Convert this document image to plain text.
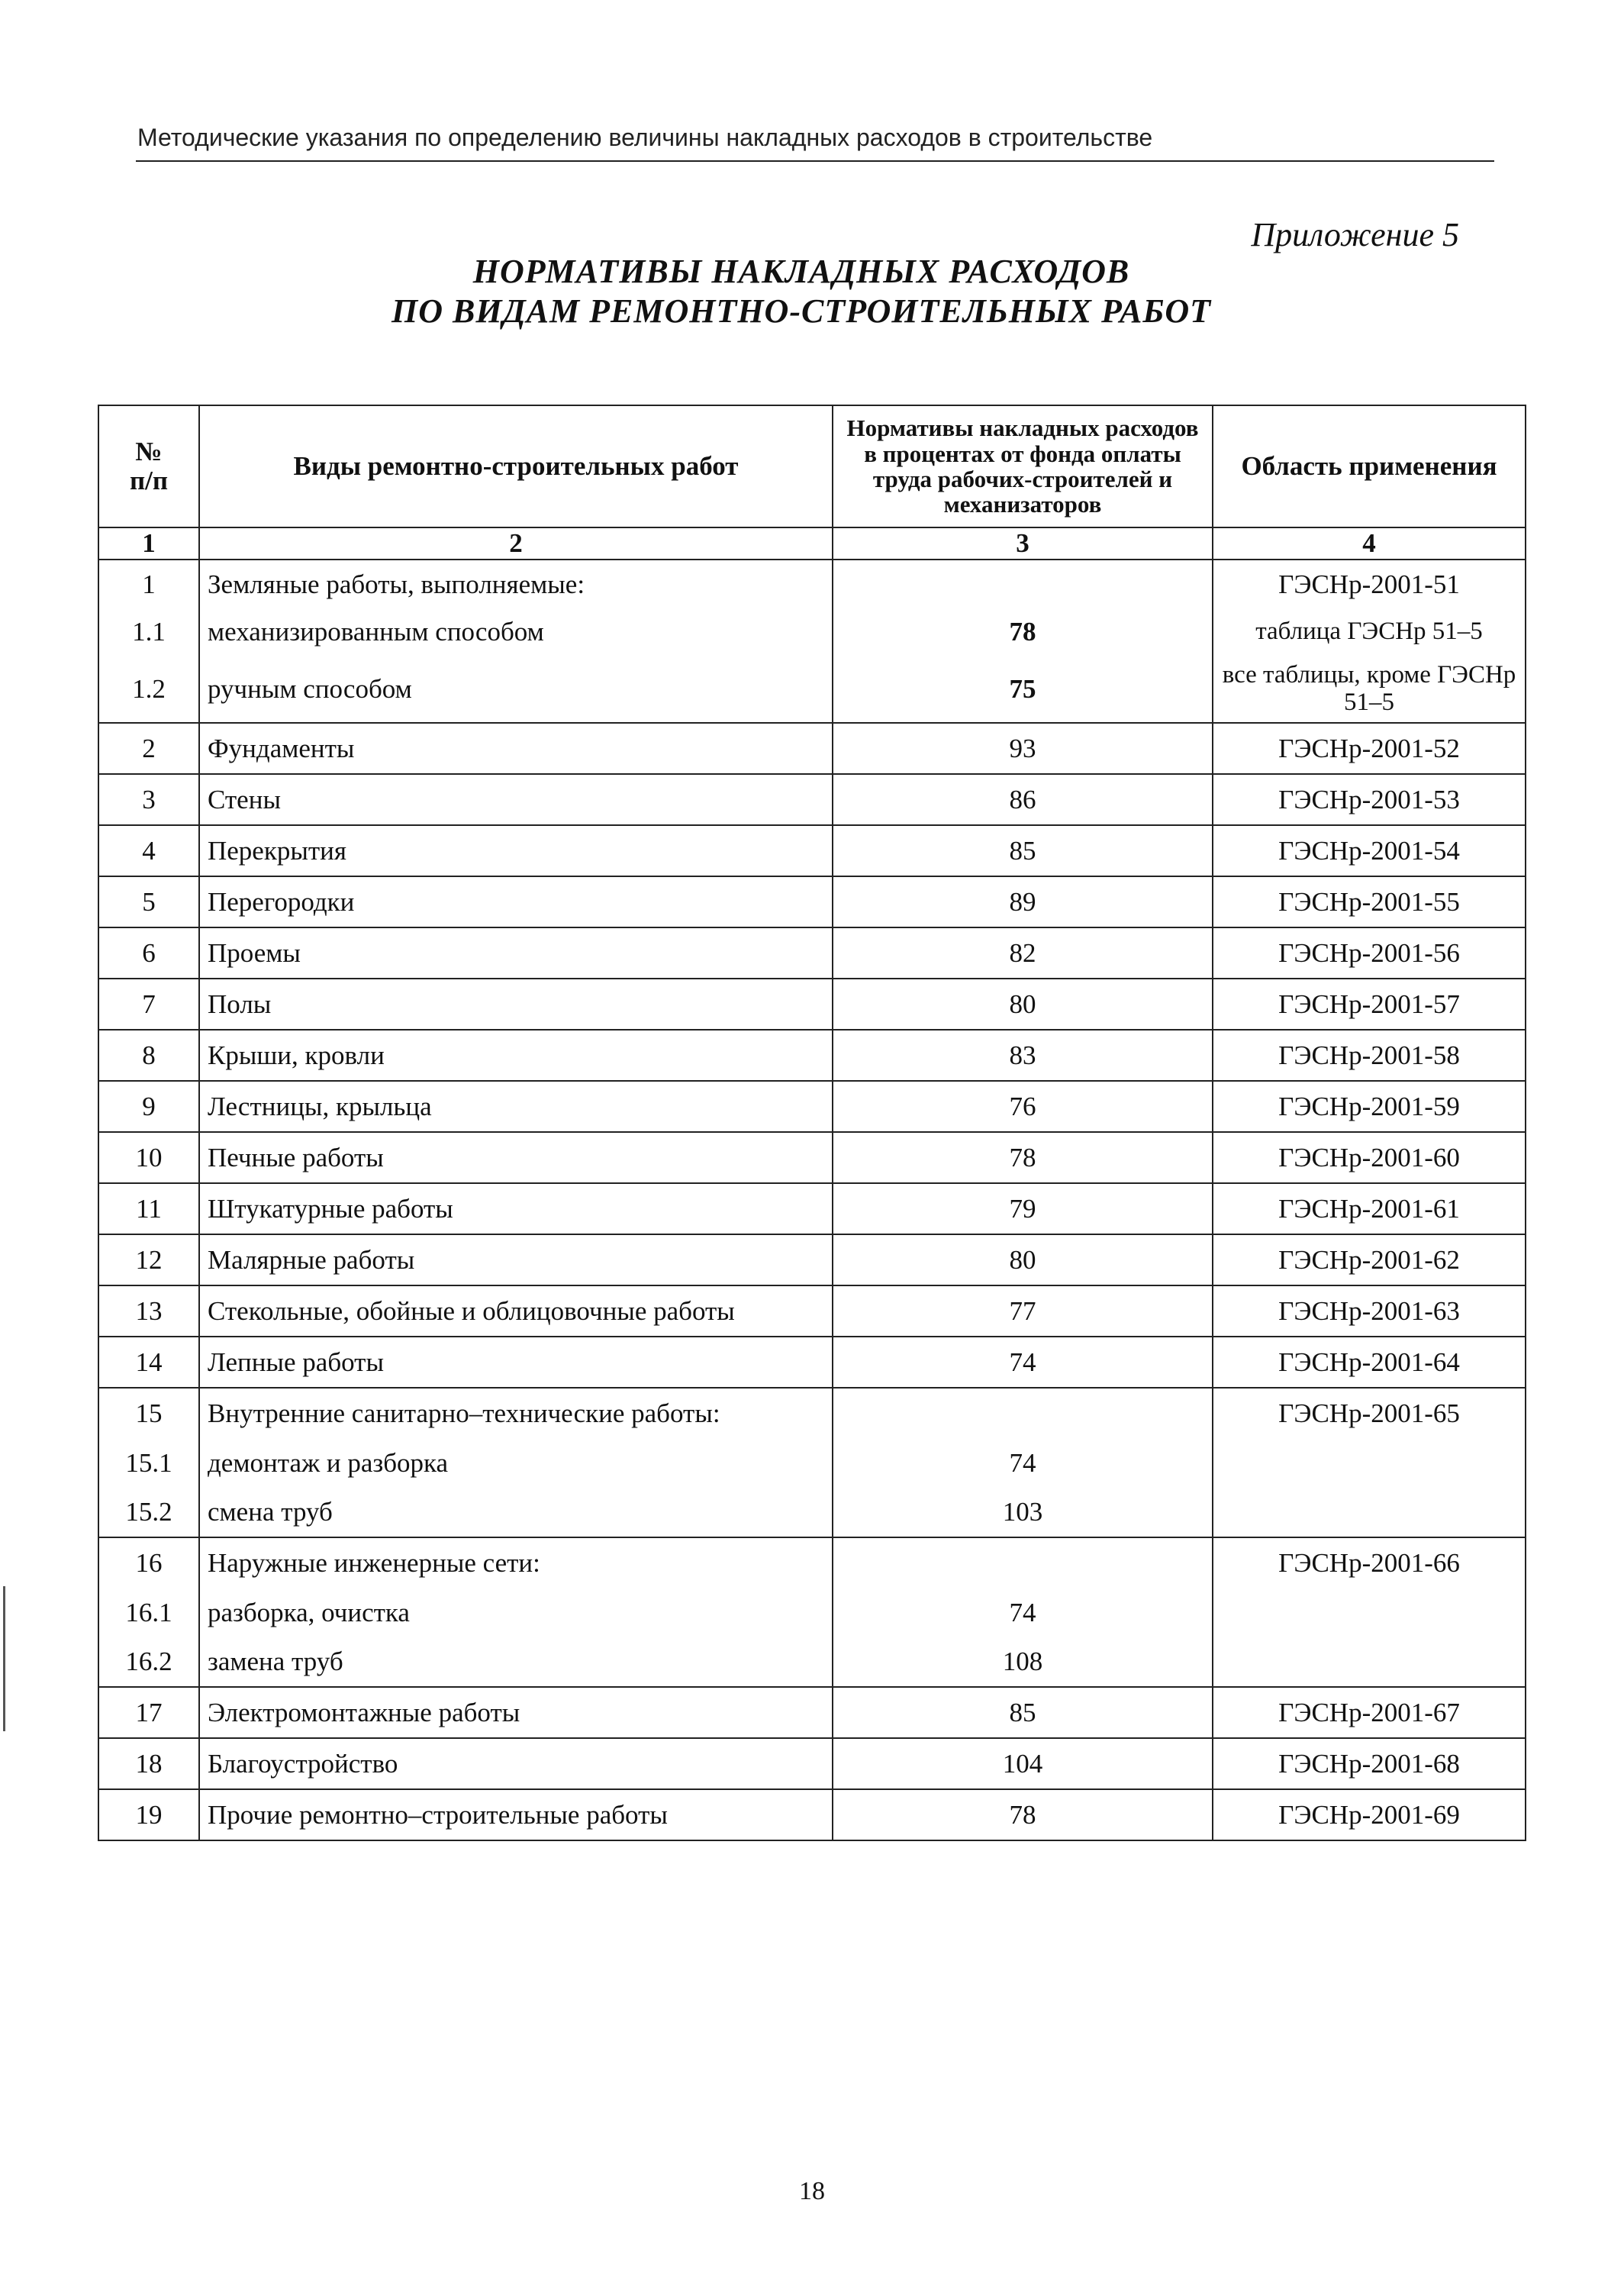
Методические указания по определению величины накладных расходов в строительстве
Приложение 5
НОРМАТИВЫ НАКЛАДНЫХ РАСХОДОВ
ПО ВИДАМ РЕМОНТНО-СТРОИТЕЛЬНЫХ РАБОТ
№
п/п	Виды ремонтно-строительных работ	Нормативы накладных расходов в процентах от фонда оплаты труда рабочих-строителей и механизаторов	Область применения
1	2	3	4
1	Земляные работы, выполняемые:		ГЭСНр-2001-51
1.1	механизированным способом	78	таблица ГЭСНр 51–5
1.2	ручным способом	75	все таблицы, кроме ГЭСНр 51–5
2	Фундаменты	93	ГЭСНр-2001-52
3	Стены	86	ГЭСНр-2001-53
4	Перекрытия	85	ГЭСНр-2001-54
5	Перегородки	89	ГЭСНр-2001-55
6	Проемы	82	ГЭСНр-2001-56
7	Полы	80	ГЭСНр-2001-57
8	Крыши, кровли	83	ГЭСНр-2001-58
9	Лестницы, крыльца	76	ГЭСНр-2001-59
10	Печные работы	78	ГЭСНр-2001-60
11	Штукатурные работы	79	ГЭСНр-2001-61
12	Малярные работы	80	ГЭСНр-2001-62
13	Стекольные, обойные и облицовочные работы	77	ГЭСНр-2001-63
14	Лепные работы	74	ГЭСНр-2001-64
15	Внутренние санитарно–технические работы:		ГЭСНр-2001-65
15.1	демонтаж и разборка	74	
15.2	смена труб	103	
16	Наружные инженерные сети:		ГЭСНр-2001-66
16.1	разборка, очистка	74	
16.2	замена труб	108	
17	Электромонтажные работы	85	ГЭСНр-2001-67
18	Благоустройство	104	ГЭСНр-2001-68
19	Прочие ремонтно–строительные работы	78	ГЭСНр-2001-69
18
